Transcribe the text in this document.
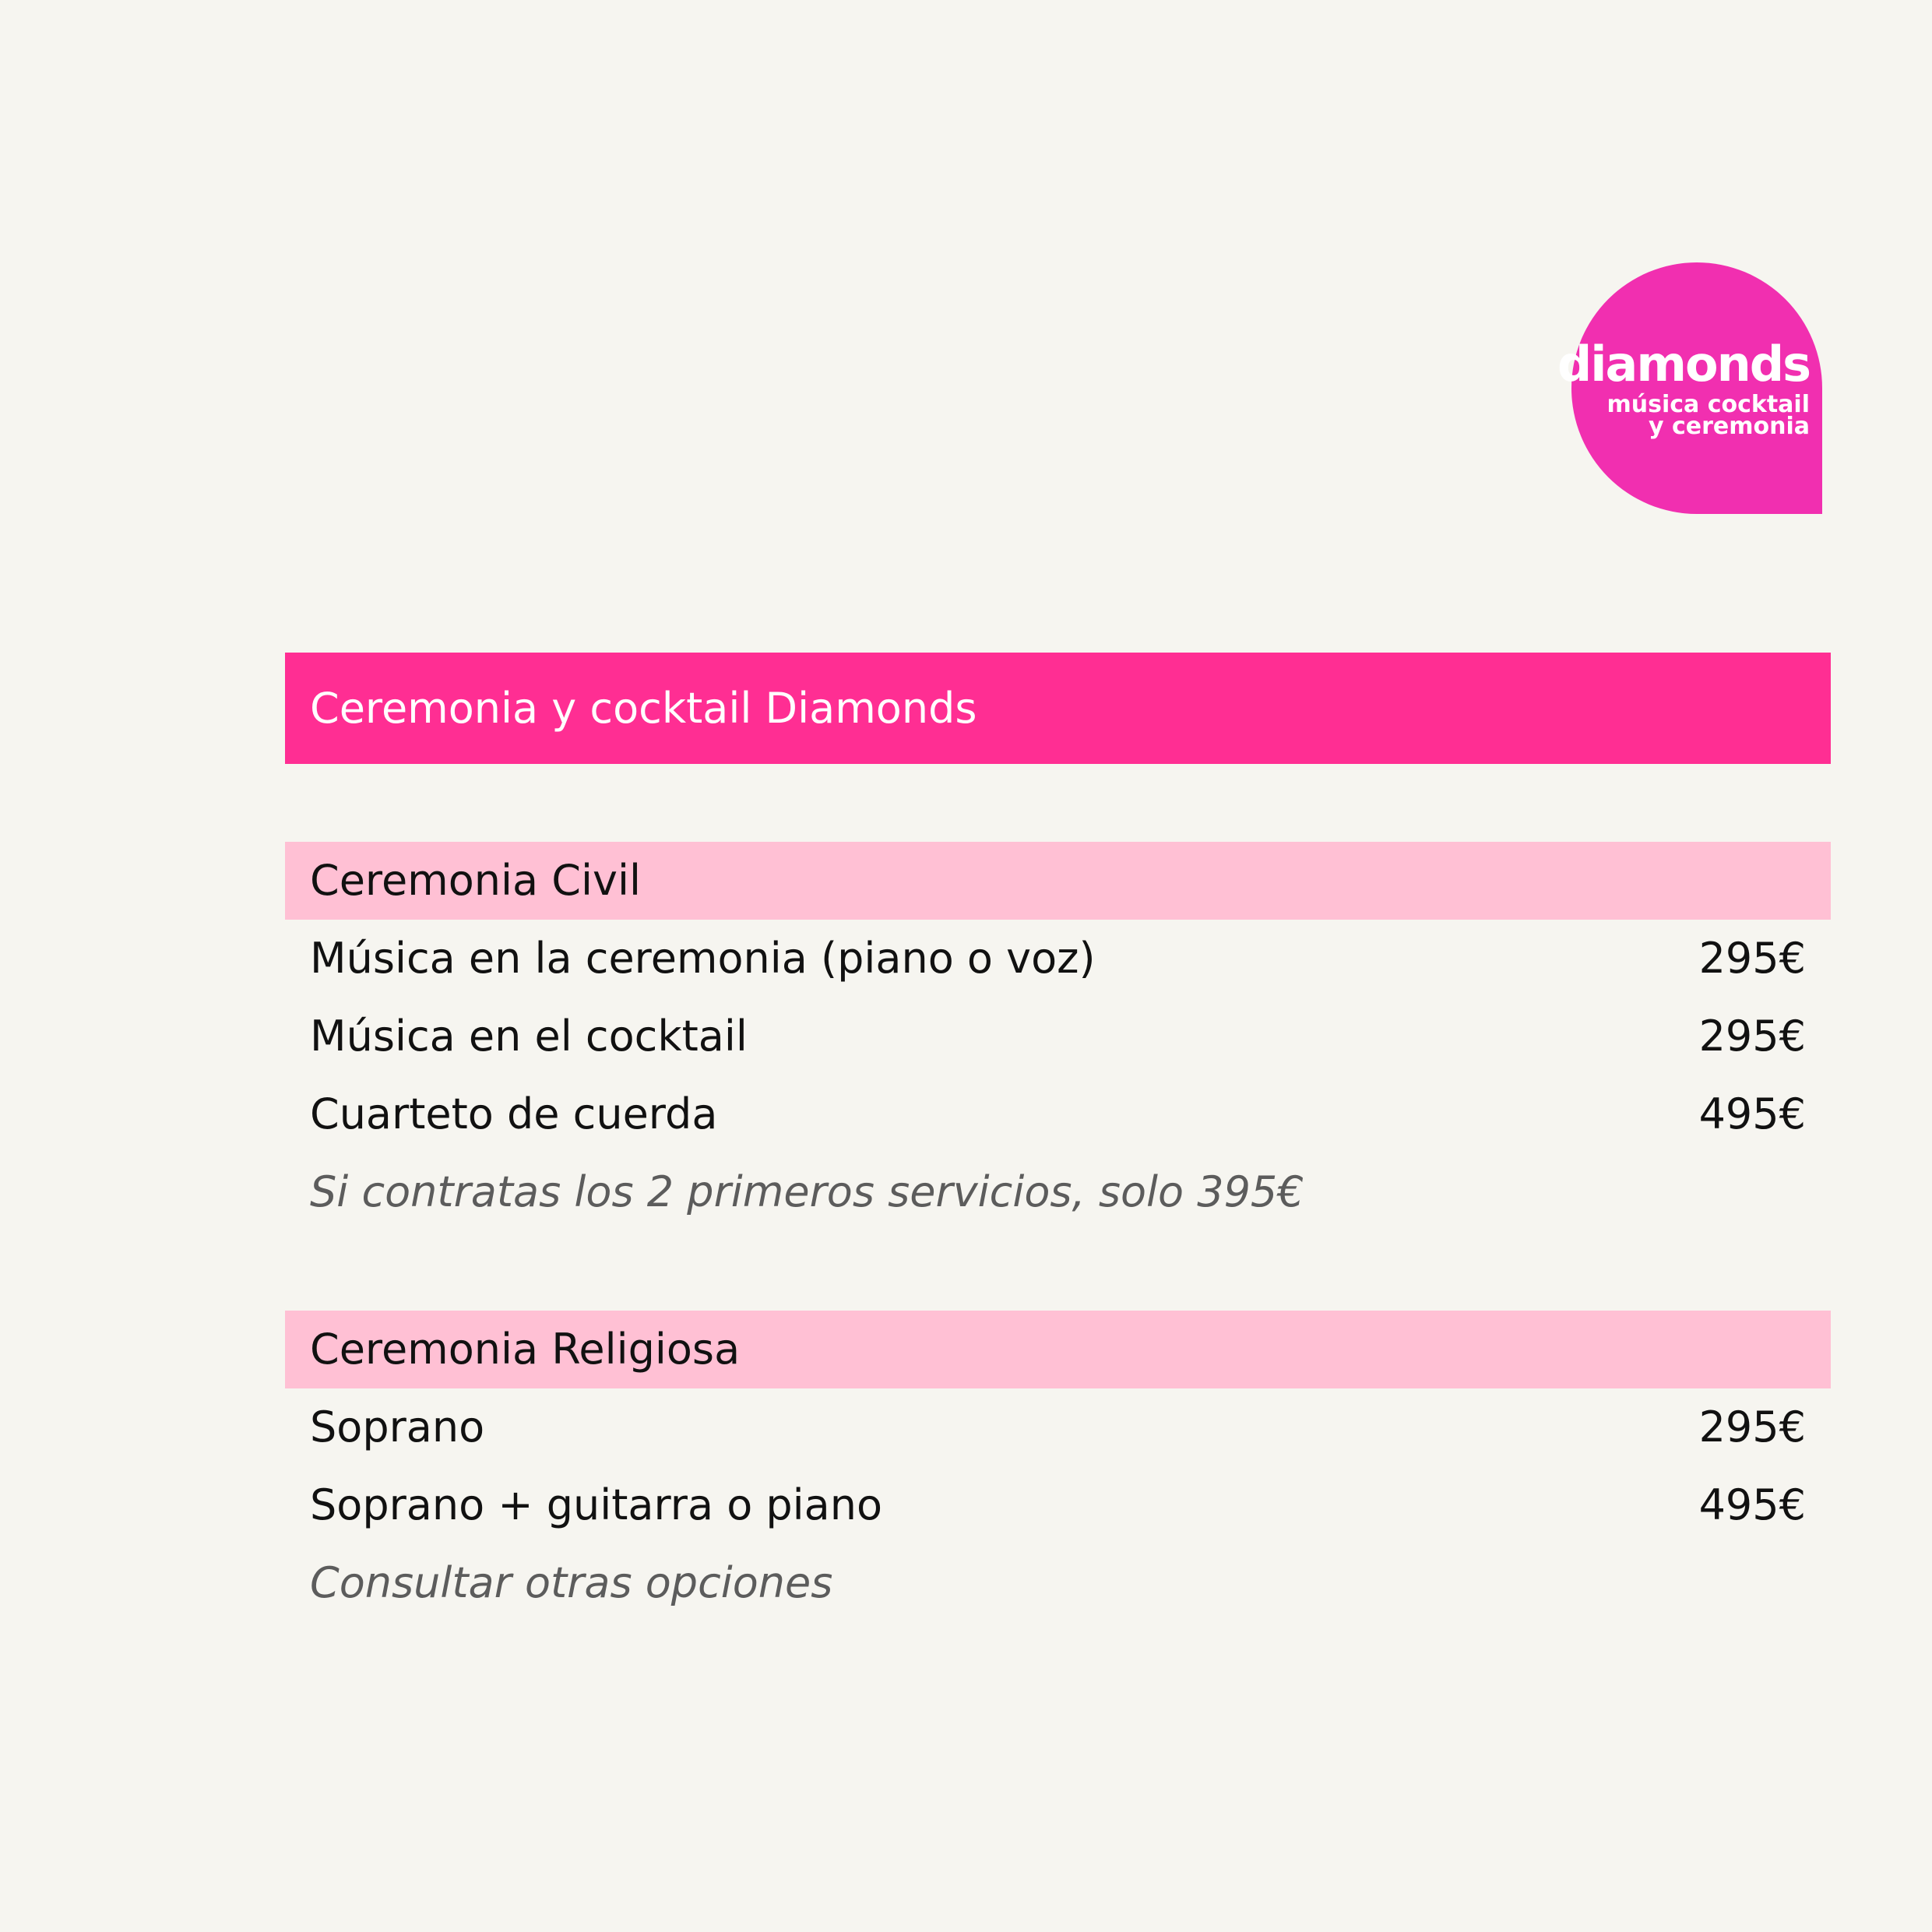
diamonds
música cocktail
y ceremonia
Ceremonia y cocktail Diamonds
Ceremonia Civil
Música en la ceremonia (piano o voz)	295€
Música en el cocktail	295€
Cuarteto de cuerda	495€
Si contratas los 2 primeros servicios, solo 395€
Ceremonia Religiosa
Soprano	295€
Soprano + guitarra o piano	495€
Consultar otras opciones
